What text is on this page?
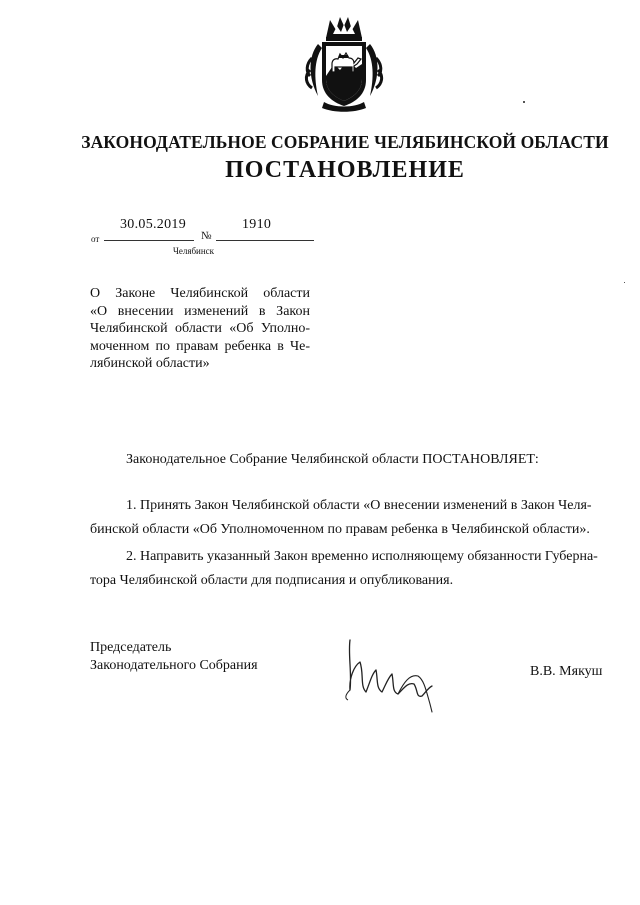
ЗАКОНОДАТЕЛЬНОЕ СОБРАНИЕ ЧЕЛЯБИНСКОЙ ОБЛАСТИ
ПОСТАНОВЛЕНИЕ
от
30.05.2019
№
1910
Челябинск
О Законе Челябинской области
«О внесении изменений в Закон
Челябинской области «Об Уполно-
моченном по правам ребенка в Че-
лябинской области»
Законодательное Собрание Челябинской области ПОСТАНОВЛЯЕТ:
1. Принять Закон Челябинской области «О внесении изменений в Закон Челя-
бинской области «Об Уполномоченном по правам ребенка в Челябинской области».
2. Направить указанный Закон временно исполняющему обязанности Губерна-
тора Челябинской области для подписания и опубликования.
Председатель
Законодательного Собрания	В.В. Мякуш
